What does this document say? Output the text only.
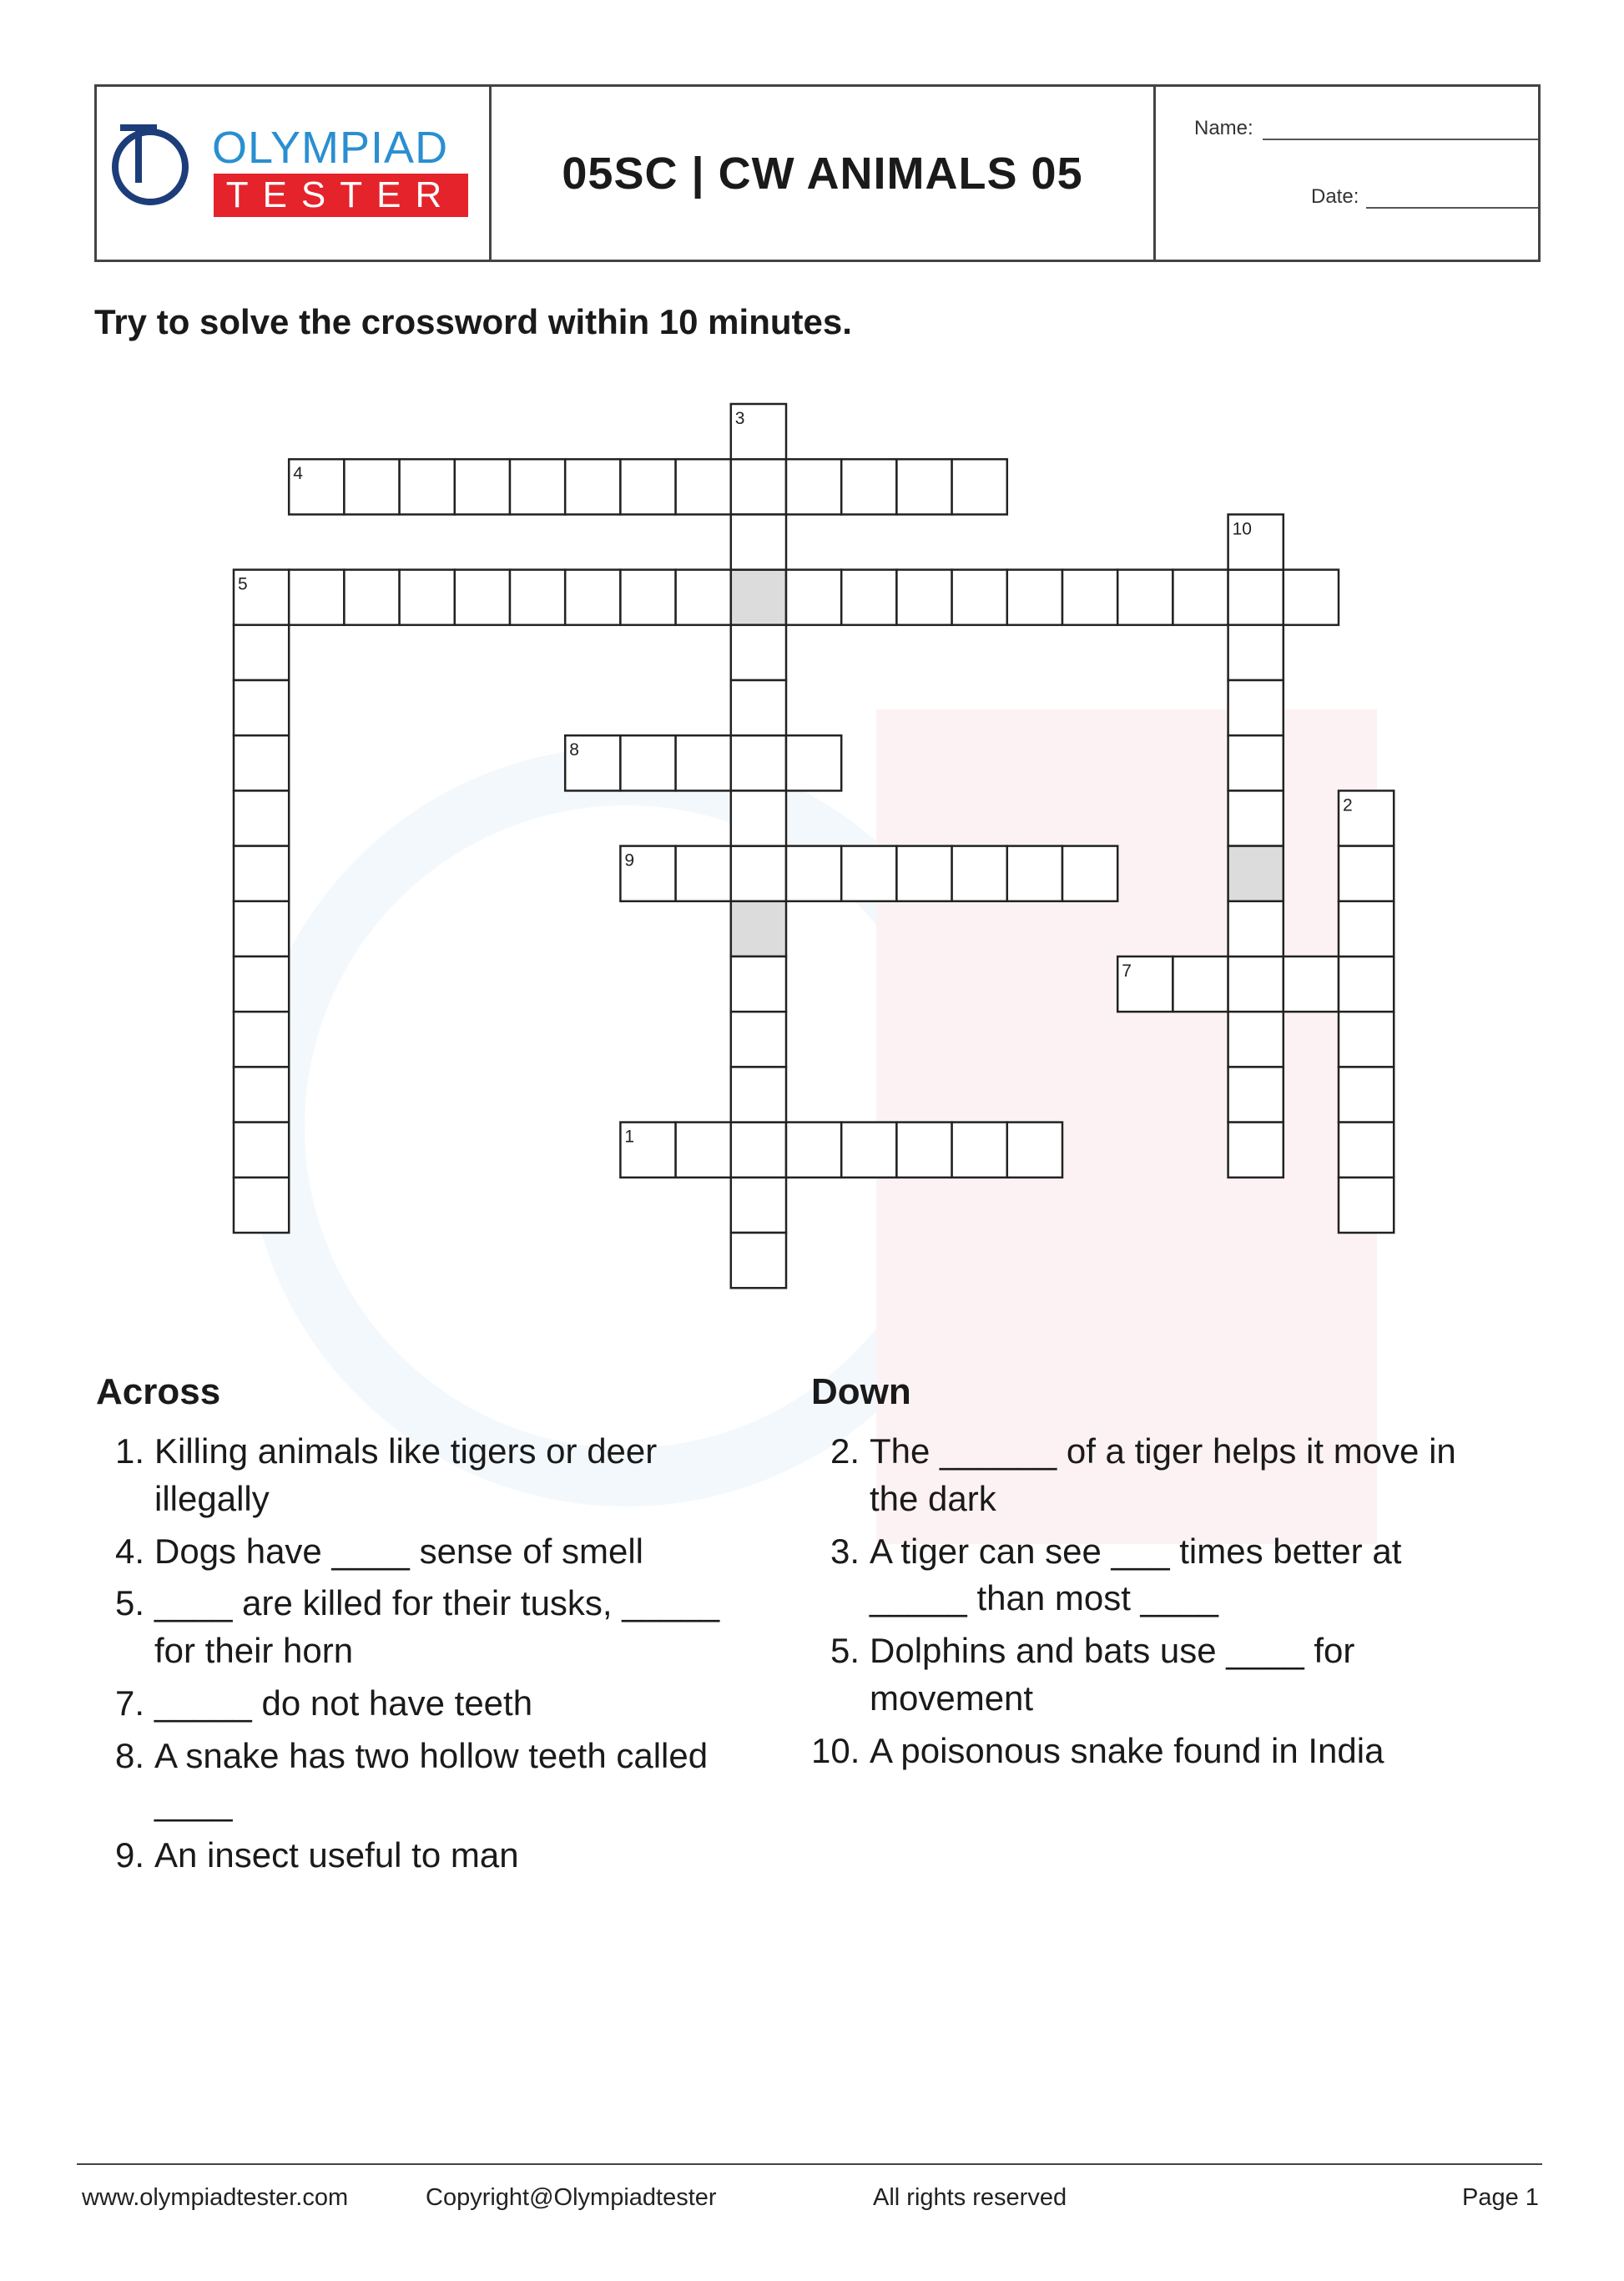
OLYMPIAD
TESTER 05SC | CW ANIMALS 05
Name:
Date:
Try to solve the crossword within 10 minutes.
3
4
10
5
8
2
9
7
1
Across
1. Killing animals like tigers or deer illegally
4. Dogs have ____ sense of smell
5. ____ are killed for their tusks, _____ for their horn
7. _____ do not have teeth
8. A snake has two hollow teeth called ____
9. An insect useful to man
Down
2. The ______ of a tiger helps it move in the dark
3. A tiger can see ___ times better at _____ than most ____
5. Dolphins and bats use ____ for movement
10. A poisonous snake found in India
www.olympiadtester.com	Copyright@Olympiadtester	All rights reserved	Page 1
